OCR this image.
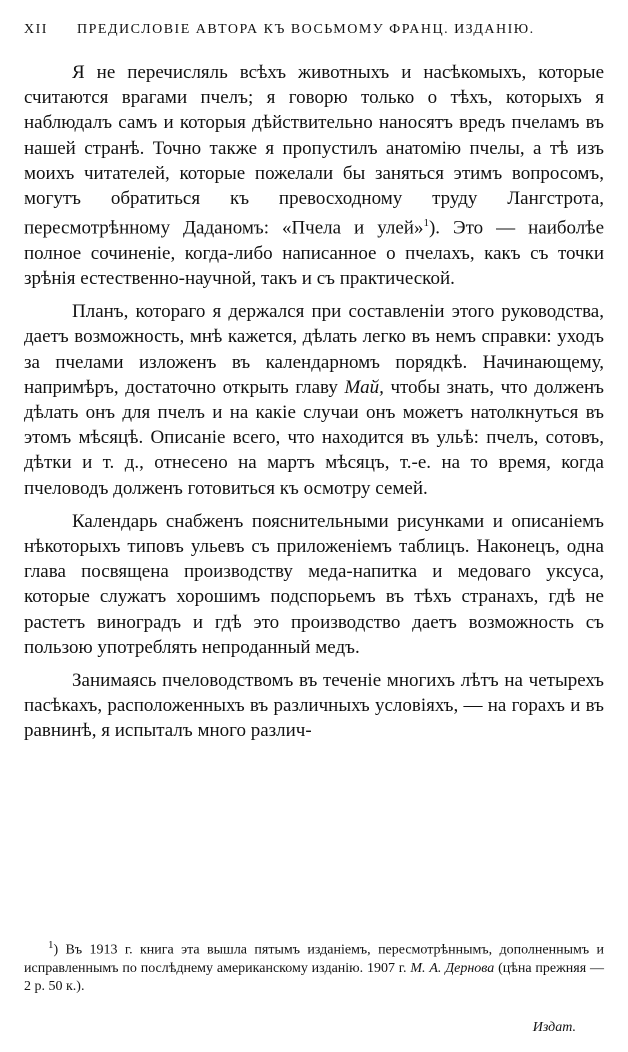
XII ПРЕДИСЛОВІЕ АВТОРА КЪ ВОСЬМОМУ ФРАНЦ. ИЗДАНІЮ.

Я не перечисляль всѣхъ животныхъ и насѣкомыхъ, которые считаются врагами пчелъ; я говорю только о тѣхъ, которыхъ я наблюдалъ самъ и которыя дѣйствительно наносятъ вредъ пчеламъ въ нашей странѣ. Точно также я пропустилъ анатомію пчелы, а тѣ изъ моихъ читателей, которые пожелали бы заняться этимъ вопросомъ, могутъ обратиться къ превосходному труду Лангстрота, пересмотрѣнному Даданомъ: «Пчела и улей»$^1$). Это — наиболѣе полное сочиненіе, когда-либо написанное о пчелахъ, какъ съ точки зрѣнія естественно-научной, такъ и съ практической.

Планъ, котораго я держался при составленіи этого руководства, даетъ возможность, мнѣ кажется, дѣлать легко въ немъ справки: уходъ за пчелами изложенъ въ календарномъ порядкѣ. Начинающему, напримѣръ, достаточно открыть главу Май, чтобы знать, что долженъ дѣлать онъ для пчелъ и на какіе случаи онъ можетъ натолкнуться въ этомъ мѣсяцѣ. Описаніе всего, что находится въ ульѣ: пчелъ, сотовъ, дѣтки и т. д., отнесено на мартъ мѣсяцъ, т.-е. на то время, когда пчеловодъ долженъ готовиться къ осмотру семей.

Календарь снабженъ пояснительными рисунками и описаніемъ нѣкоторыхъ типовъ ульевъ съ приложеніемъ таблицъ. Наконецъ, одна глава посвящена производству меда-напитка и медоваго уксуса, которые служатъ хорошимъ подспорьемъ въ тѣхъ странахъ, гдѣ не растетъ виноградъ и гдѣ это производство даетъ возможность съ пользою употреблять непроданный медъ.

Занимаясь пчеловодствомъ въ теченіе многихъ лѣтъ на четырехъ пасѣкахъ, расположенныхъ въ различныхъ условіяхъ, — на горахъ и въ равнинѣ, я испыталъ много различ-

$^1$) Въ 1913 г. книга эта вышла пятымъ изданіемъ, пересмотрѣннымъ, дополненнымъ и исправленнымъ по послѣднему американскому изданію. 1907 г. М. А. Дернова (цѣна прежняя — 2 р. 50 к.).
Издат.
